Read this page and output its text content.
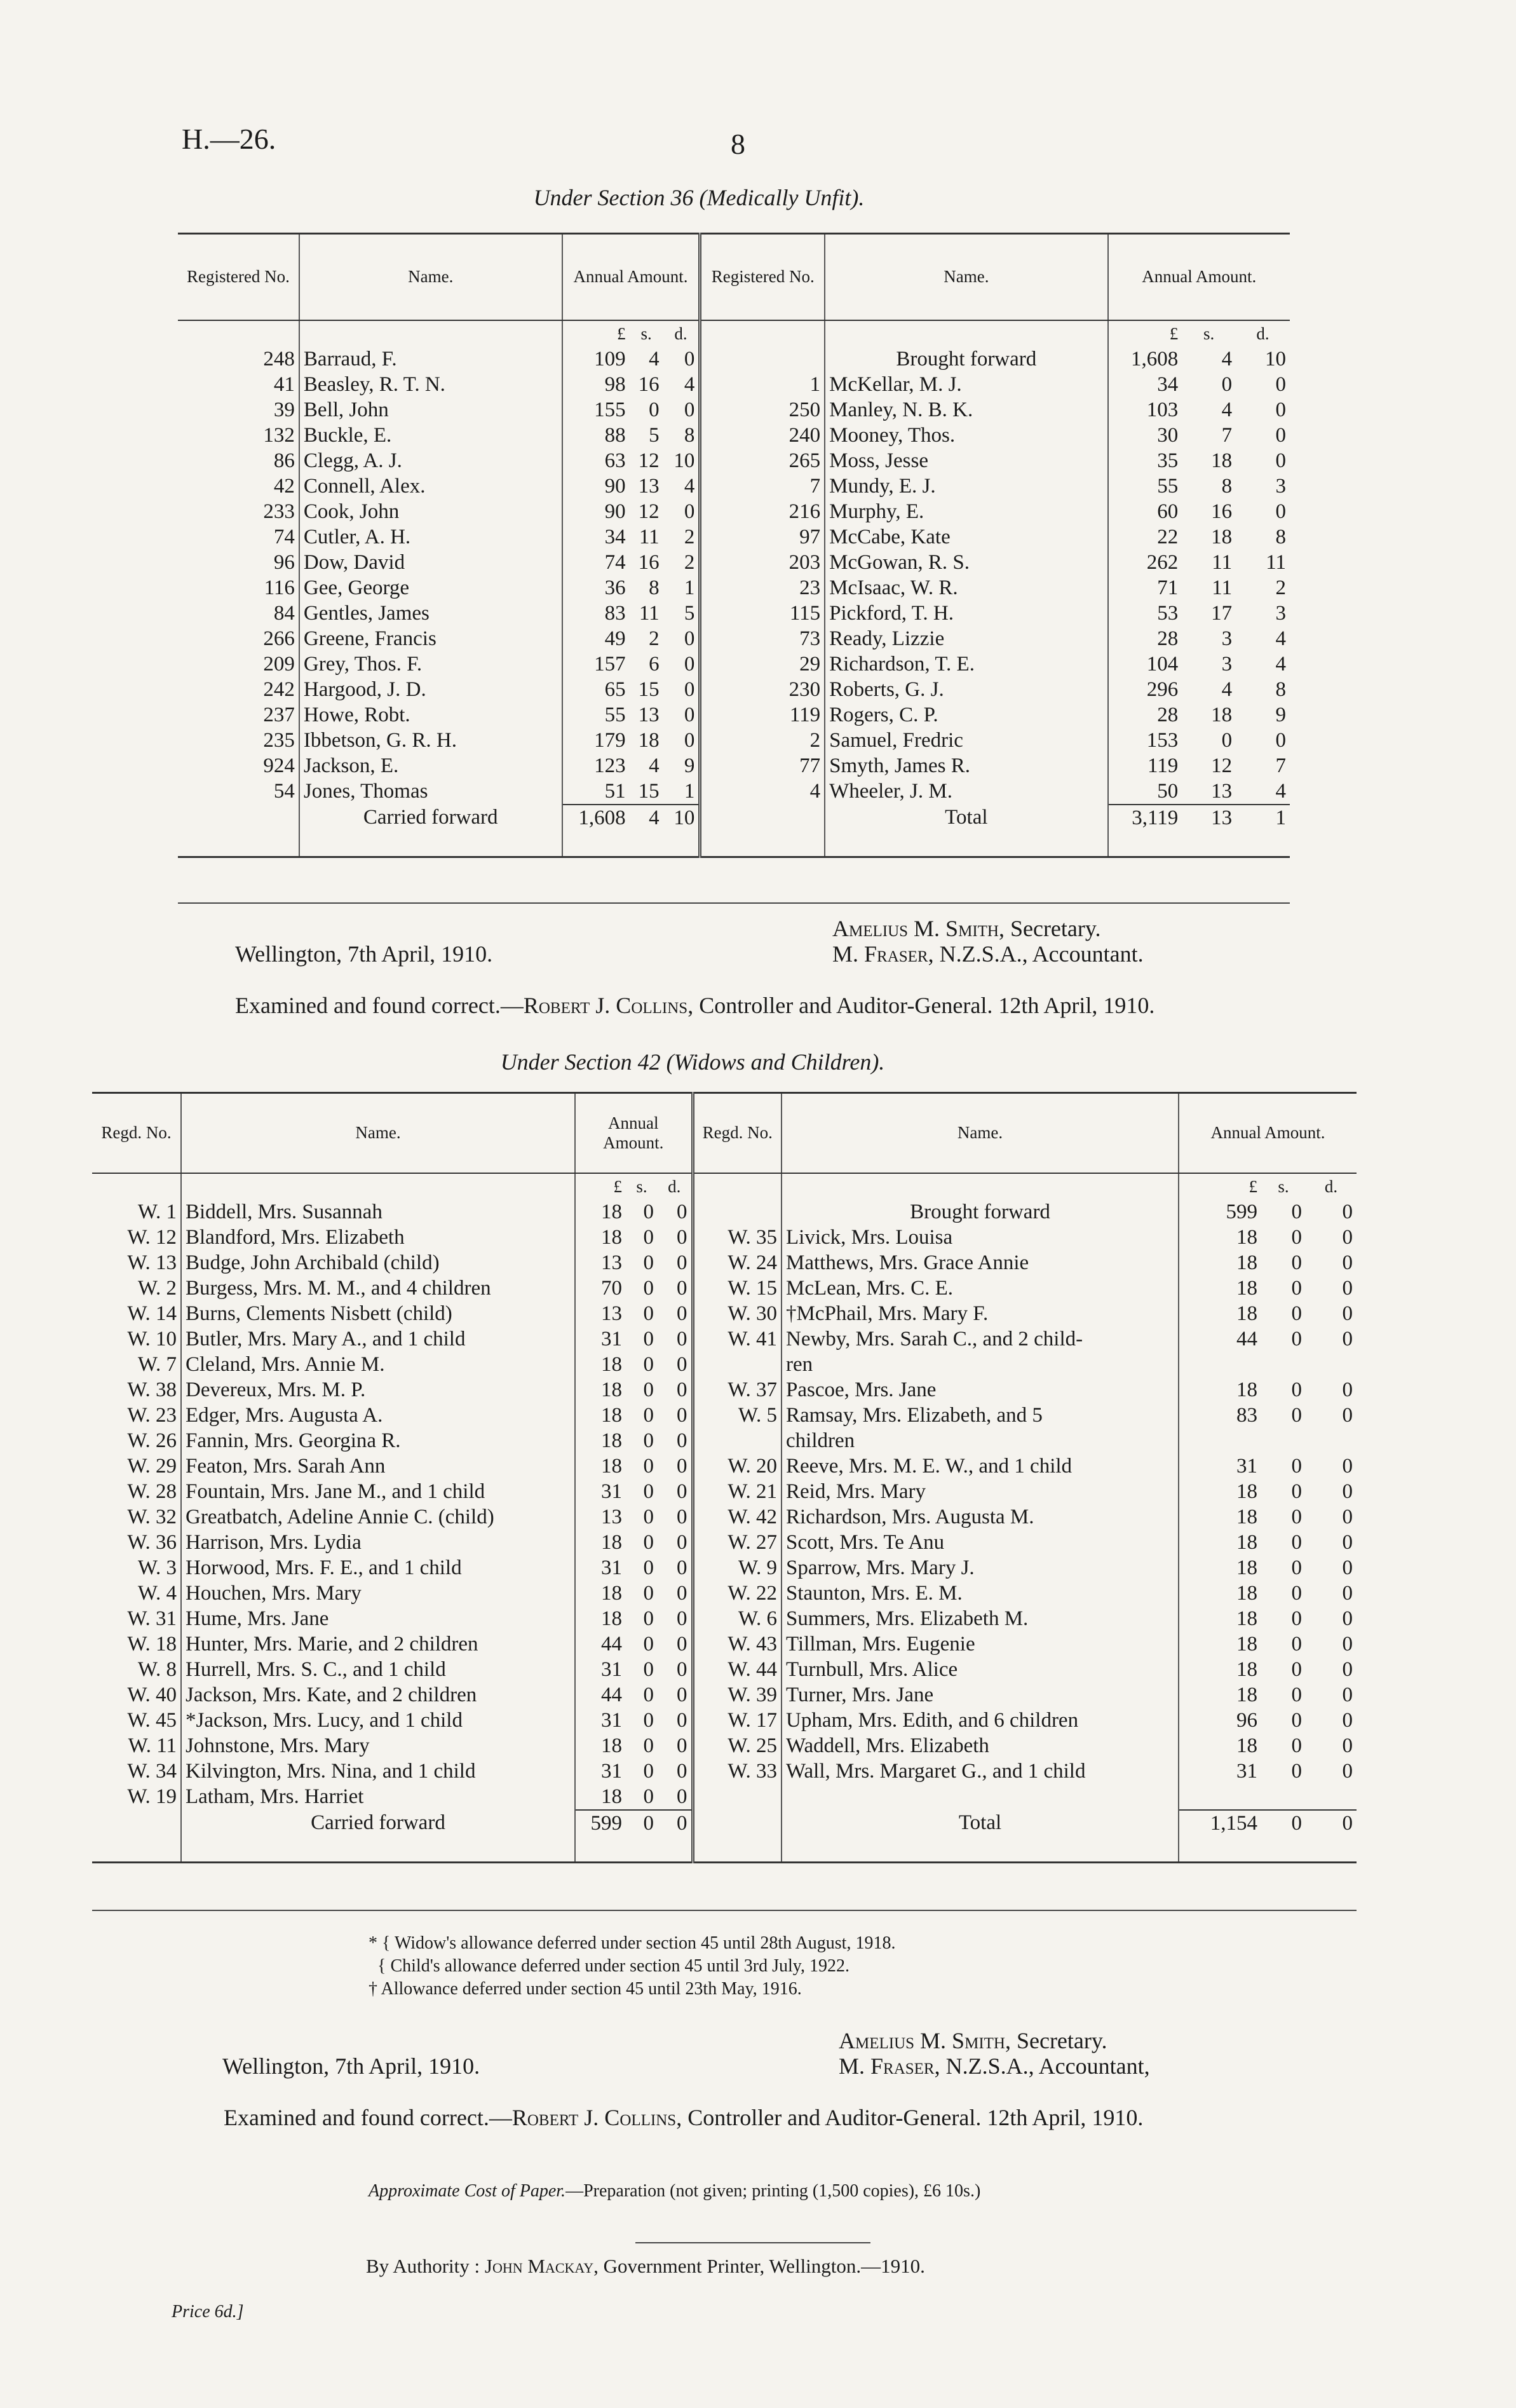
H.—26.	8
Under Section 36 (Medically Unfit).
Registered No.	Name.	Annual Amount.			Registered No.	Name.	Annual Amount.		
		£	s.	d.			£	s.	d.
248	Barraud, F.	109	4	0		Brought forward	1,608	4	10
41	Beasley, R. T. N.	98	16	4	1	McKellar, M. J.	34	0	0
39	Bell, John	155	0	0	250	Manley, N. B. K.	103	4	0
132	Buckle, E.	88	5	8	240	Mooney, Thos.	30	7	0
86	Clegg, A. J.	63	12	10	265	Moss, Jesse	35	18	0
42	Connell, Alex.	90	13	4	7	Mundy, E. J.	55	8	3
233	Cook, John	90	12	0	216	Murphy, E.	60	16	0
74	Cutler, A. H.	34	11	2	97	McCabe, Kate	22	18	8
96	Dow, David	74	16	2	203	McGowan, R. S.	262	11	11
116	Gee, George	36	8	1	23	McIsaac, W. R.	71	11	2
84	Gentles, James	83	11	5	115	Pickford, T. H.	53	17	3
266	Greene, Francis	49	2	0	73	Ready, Lizzie	28	3	4
209	Grey, Thos. F.	157	6	0	29	Richardson, T. E.	104	3	4
242	Hargood, J. D.	65	15	0	230	Roberts, G. J.	296	4	8
237	Howe, Robt.	55	13	0	119	Rogers, C. P.	28	18	9
235	Ibbetson, G. R. H.	179	18	0	2	Samuel, Fredric	153	0	0
924	Jackson, E.	123	4	9	77	Smyth, James R.	119	12	7
54	Jones, Thomas	51	15	1	4	Wheeler, J. M.	50	13	4
	Carried forward	1,608	4	10		Total	3,119	13	1

Wellington, 7th April, 1910.
Amelius M. Smith, Secretary.
M. Fraser, N.Z.S.A., Accountant.
Examined and found correct.—Robert J. Collins, Controller and Auditor-General. 12th April, 1910.
Under Section 42 (Widows and Children).
Regd. No.	Name.	Annual Amount.			Regd. No.	Name.	Annual Amount.		
		£	s.	d.			£	s.	d.
W. 1	Biddell, Mrs. Susannah	18	0	0		Brought forward	599	0	0
W. 12	Blandford, Mrs. Elizabeth	18	0	0	W. 35	Livick, Mrs. Louisa	18	0	0
W. 13	Budge, John Archibald (child)	13	0	0	W. 24	Matthews, Mrs. Grace Annie	18	0	0
W. 2	Burgess, Mrs. M. M., and 4 children	70	0	0	W. 15	McLean, Mrs. C. E.	18	0	0
W. 14	Burns, Clements Nisbett (child)	13	0	0	W. 30	†McPhail, Mrs. Mary F.	18	0	0
W. 10	Butler, Mrs. Mary A., and 1 child	31	0	0	W. 41	Newby, Mrs. Sarah C., and 2 child-	44	0	0
W. 7	Cleland, Mrs. Annie M.	18	0	0		ren			
W. 38	Devereux, Mrs. M. P.	18	0	0	W. 37	Pascoe, Mrs. Jane	18	0	0
W. 23	Edger, Mrs. Augusta A.	18	0	0	W. 5	Ramsay, Mrs. Elizabeth, and 5	83	0	0
W. 26	Fannin, Mrs. Georgina R.	18	0	0		children			
W. 29	Featon, Mrs. Sarah Ann	18	0	0	W. 20	Reeve, Mrs. M. E. W., and 1 child	31	0	0
W. 28	Fountain, Mrs. Jane M., and 1 child	31	0	0	W. 21	Reid, Mrs. Mary	18	0	0
W. 32	Greatbatch, Adeline Annie C. (child)	13	0	0	W. 42	Richardson, Mrs. Augusta M.	18	0	0
W. 36	Harrison, Mrs. Lydia	18	0	0	W. 27	Scott, Mrs. Te Anu	18	0	0
W. 3	Horwood, Mrs. F. E., and 1 child	31	0	0	W. 9	Sparrow, Mrs. Mary J.	18	0	0
W. 4	Houchen, Mrs. Mary	18	0	0	W. 22	Staunton, Mrs. E. M.	18	0	0
W. 31	Hume, Mrs. Jane	18	0	0	W. 6	Summers, Mrs. Elizabeth M.	18	0	0
W. 18	Hunter, Mrs. Marie, and 2 children	44	0	0	W. 43	Tillman, Mrs. Eugenie	18	0	0
W. 8	Hurrell, Mrs. S. C., and 1 child	31	0	0	W. 44	Turnbull, Mrs. Alice	18	0	0
W. 40	Jackson, Mrs. Kate, and 2 children	44	0	0	W. 39	Turner, Mrs. Jane	18	0	0
W. 45	*Jackson, Mrs. Lucy, and 1 child	31	0	0	W. 17	Upham, Mrs. Edith, and 6 children	96	0	0
W. 11	Johnstone, Mrs. Mary	18	0	0	W. 25	Waddell, Mrs. Elizabeth	18	0	0
W. 34	Kilvington, Mrs. Nina, and 1 child	31	0	0	W. 33	Wall, Mrs. Margaret G., and 1 child	31	0	0
W. 19	Latham, Mrs. Harriet	18	0	0					
	Carried forward	599	0	0		Total	1,154	0	0

* { Widow's allowance deferred under section 45 until 28th August, 1918.
{ Child's allowance deferred under section 45 until 3rd July, 1922.
† Allowance deferred under section 45 until 23th May, 1916.
Wellington, 7th April, 1910.
Amelius M. Smith, Secretary.
M. Fraser, N.Z.S.A., Accountant,
Examined and found correct.—Robert J. Collins, Controller and Auditor-General. 12th April, 1910.
Approximate Cost of Paper.—Preparation (not given; printing (1,500 copies), £6 10s.)
By Authority : John Mackay, Government Printer, Wellington.—1910.
Price 6d.]
